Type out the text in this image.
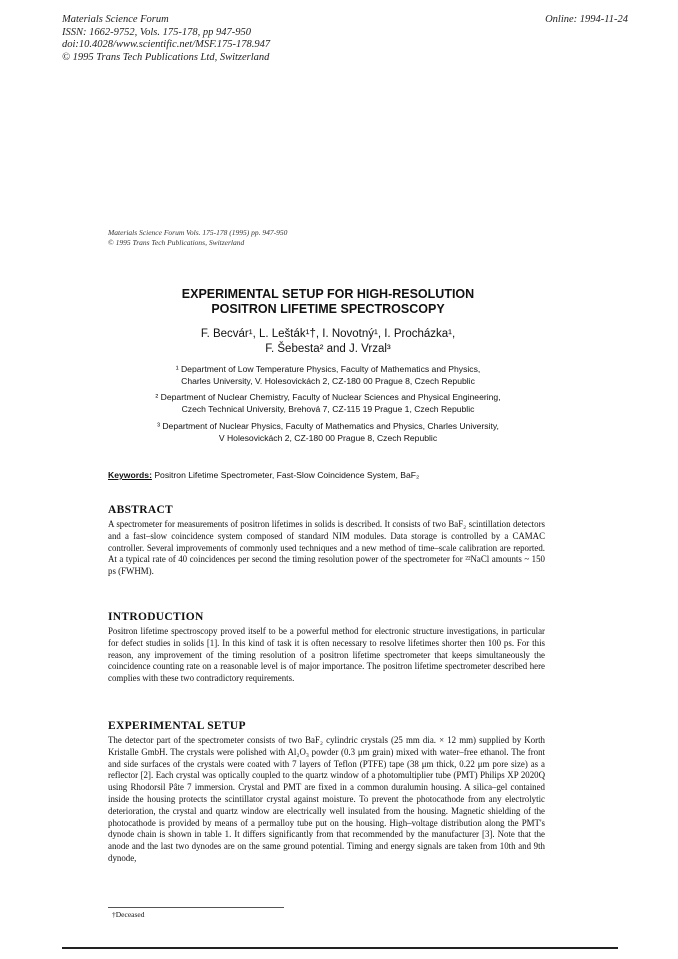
Materials Science Forum
ISSN: 1662-9752, Vols. 175-178, pp 947-950
doi:10.4028/www.scientific.net/MSF.175-178.947
© 1995 Trans Tech Publications Ltd, Switzerland
Online: 1994-11-24
Materials Science Forum Vols. 175-178 (1995) pp. 947-950
© 1995 Trans Tech Publications, Switzerland
EXPERIMENTAL SETUP FOR HIGH-RESOLUTION
POSITRON LIFETIME SPECTROSCOPY
F. Becvár¹, L. Lešták¹†, I. Novotný¹, I. Procházka¹,
F. Šebesta² and J. Vrzal³
¹ Department of Low Temperature Physics, Faculty of Mathematics and Physics,
Charles University, V. Holesovickách 2, CZ-180 00 Prague 8, Czech Republic
² Department of Nuclear Chemistry, Faculty of Nuclear Sciences and Physical Engineering,
Czech Technical University, Brehová 7, CZ-115 19 Prague 1, Czech Republic
³ Department of Nuclear Physics, Faculty of Mathematics and Physics, Charles University,
V Holesovickách 2, CZ-180 00 Prague 8, Czech Republic
Keywords: Positron Lifetime Spectrometer, Fast-Slow Coincidence System, BaF₂
ABSTRACT

A spectrometer for measurements of positron lifetimes in solids is described. It consists of two BaF₂ scintillation detectors and a fast–slow coincidence system composed of standard NIM modules. Data storage is controlled by a CAMAC controller. Several improvements of commonly used techniques and a new method of time–scale calibration are reported. At a typical rate of 40 coincidences per second the timing resolution power of the spectrometer for ²²NaCl amounts ~ 150 ps (FWHM).

INTRODUCTION

Positron lifetime spectroscopy proved itself to be a powerful method for electronic structure investigations, in particular for defect studies in solids [1]. In this kind of task it is often necessary to resolve lifetimes shorter then 100 ps. For this reason, any improvement of the timing resolution of a positron lifetime spectrometer that keeps simultaneously the coincidence counting rate on a reasonable level is of major importance. The positron lifetime spectrometer described here complies with these two contradictory requirements.

EXPERIMENTAL SETUP

The detector part of the spectrometer consists of two BaF₂ cylindric crystals (25 mm dia. × 12 mm) supplied by Korth Kristalle GmbH. The crystals were polished with Al₂O₃ powder (0.3 μm grain) mixed with water–free ethanol. The front and side surfaces of the crystals were coated with 7 layers of Teflon (PTFE) tape (38 μm thick, 0.22 μm pore size) as a reflector [2]. Each crystal was optically coupled to the quartz window of a photomultiplier tube (PMT) Philips XP 2020Q using Rhodorsil Pâte 7 immersion. Crystal and PMT are fixed in a common duralumin housing. A silica–gel contained inside the housing protects the scintillator crystal against moisture. To prevent the photocathode from any electrolytic deterioration, the crystal and quartz window are electrically well insulated from the housing. Magnetic shielding of the photocathode is provided by means of a permalloy tube put on the housing. High–voltage distribution along the PMT's dynode chain is shown in table 1. It differs significantly from that recommended by the manufacturer [3]. Note that the anode and the last two dynodes are on the same ground potential. Timing and energy signals are taken from 10th and 9th dynode,

†Deceased
